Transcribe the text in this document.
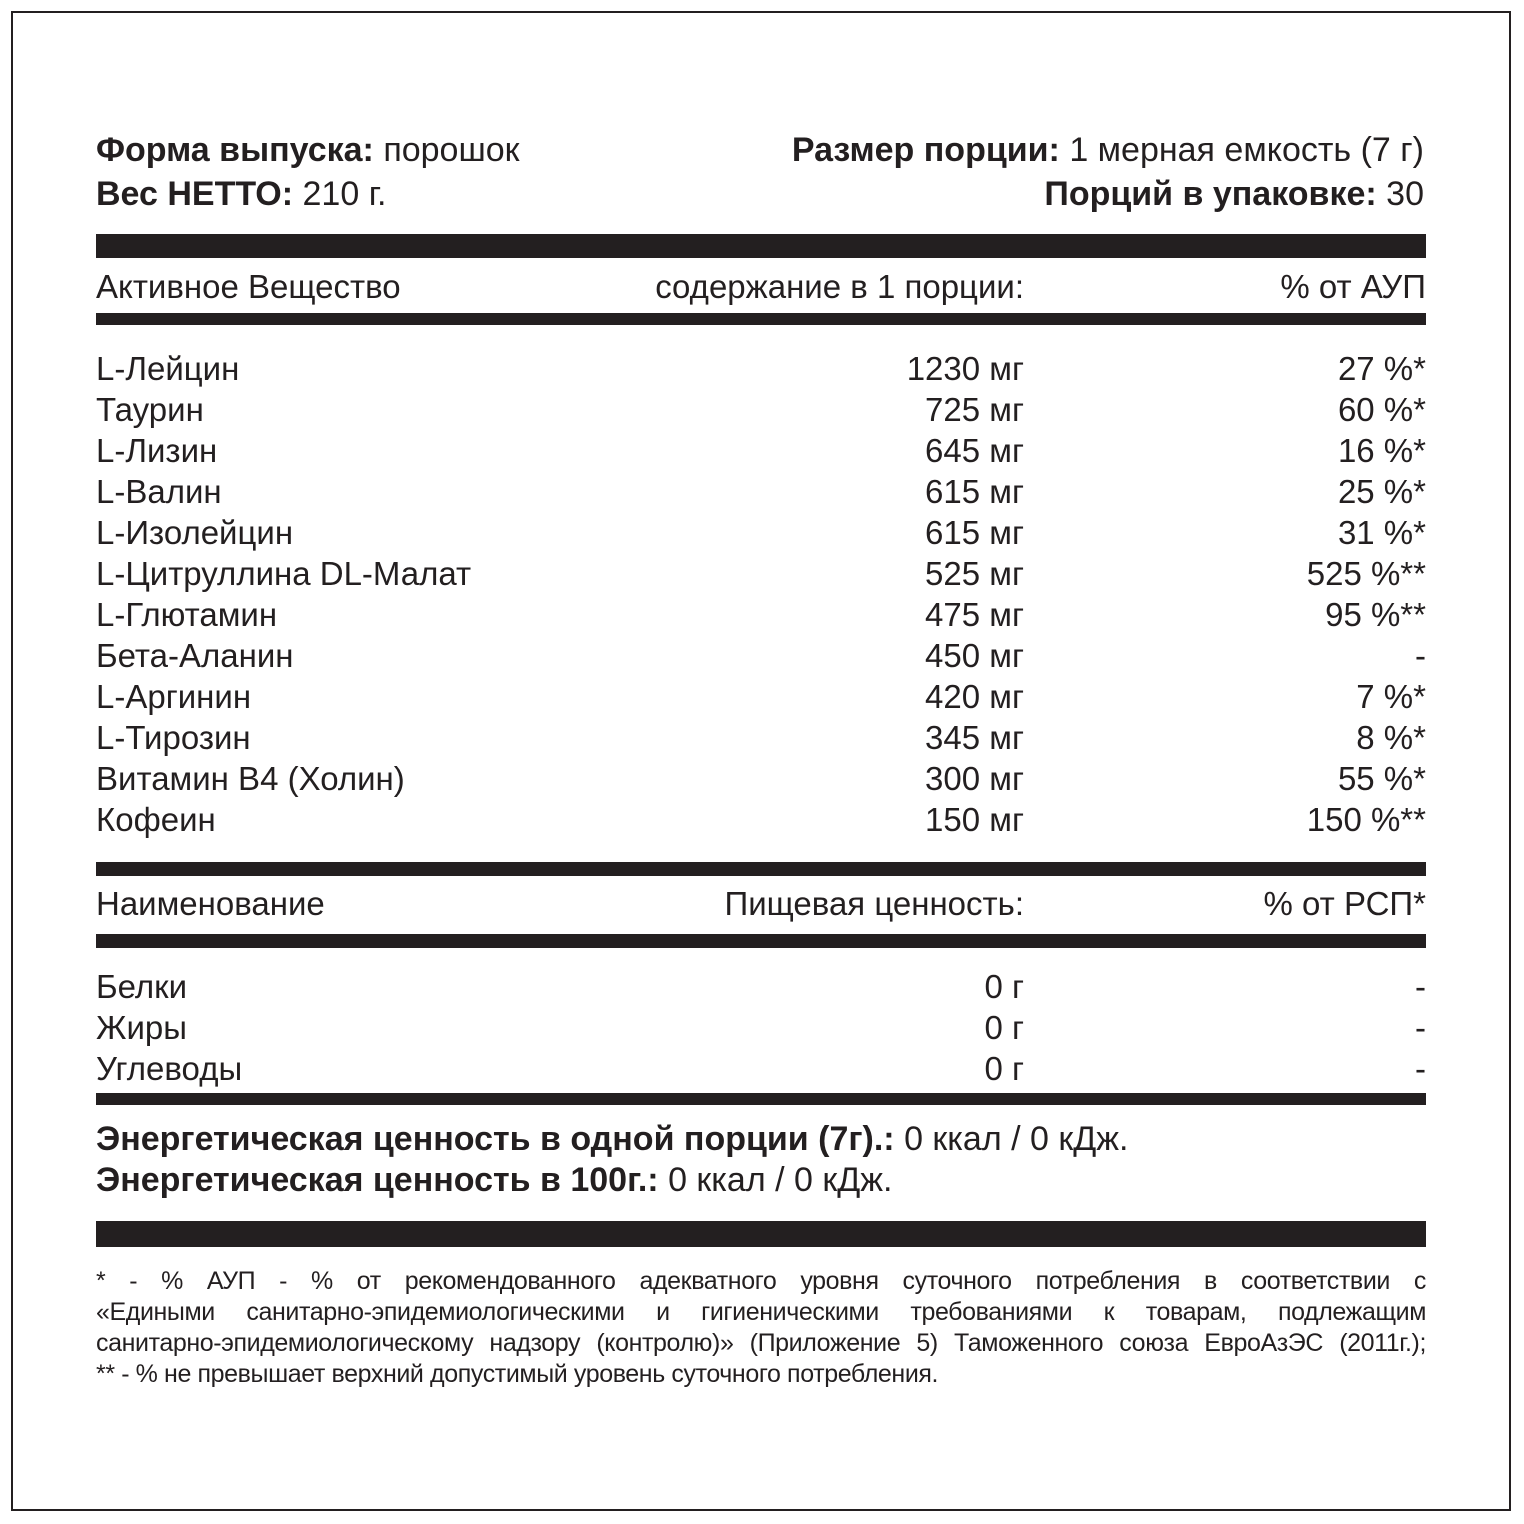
Форма выпуска: порошок
Вес НЕТТО: 210 г.
Размер порции: 1 мерная емкость (7 г)
Порций в упаковке: 30
Активное Вещество	содержание в 1 порции:	% от АУП
L-Лейцин	1230 мг	27 %*
Таурин	725 мг	60 %*
L-Лизин	645 мг	16 %*
L-Валин	615 мг	25 %*
L-Изолейцин	615 мг	31 %*
L-Цитруллина DL-Малат	525 мг	525 %**
L-Глютамин	475 мг	95 %**
Бета-Аланин	450 мг	-
L-Аргинин	420 мг	7 %*
L-Тирозин	345 мг	8 %*
Витамин В4 (Холин)	300 мг	55 %*
Кофеин	150 мг	150 %**
Наименование	Пищевая ценность:	% от РСП*
Белки	0 г	-
Жиры	0 г	-
Углеводы	0 г	-
Энергетическая ценность в одной порции (7г).: 0 ккал / 0 кДж.
Энергетическая ценность в 100г.: 0 ккал / 0 кДж.

* - % АУП - % от рекомендованного адекватного уровня суточного потребления в соответствии с

«Едиными санитарно-эпидемиологическими и гигиеническими требованиями к товарам, подлежащим

санитарно-эпидемиологическому надзору (контролю)» (Приложение 5) Таможенного союза ЕвроАзЭС (2011г.);

** - % не превышает верхний допустимый уровень суточного потребления.
